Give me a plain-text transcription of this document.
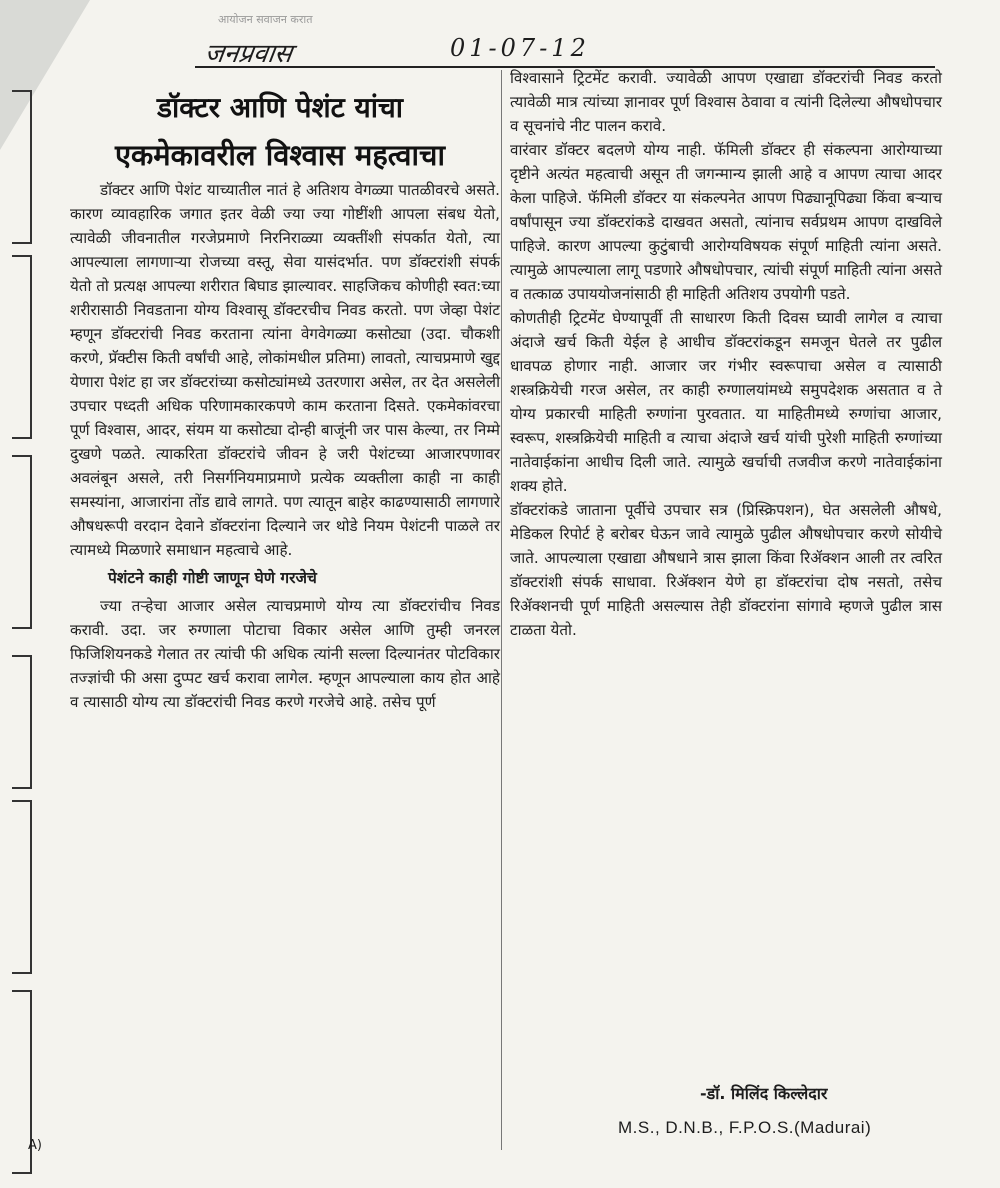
A)
आयोजन सवाजन करात
जनप्रवास	01-07-12
डॉक्टर आणि पेशंट यांचा
एकमेकावरील विश्वास महत्वाचा

डॉक्टर आणि पेशंट याच्यातील नातं हे अतिशय वेगळ्या पातळीवरचे असते. कारण व्यावहारिक जगात इतर वेळी ज्या ज्या गोष्टींशी आपला संबध येतो, त्यावेळी जीवनातील गरजेप्रमाणे निरनिराळ्या व्यक्तींशी संपर्कात येतो, त्या आपल्याला लागणाऱ्या रोजच्या वस्तू, सेवा यासंदर्भात. पण डॉक्टरांशी संपर्क येतो तो प्रत्यक्ष आपल्या शरीरात बिघाड झाल्यावर. साहजिकच कोणीही स्वत:च्या शरीरासाठी निवडताना योग्य विश्वासू डॉक्टरचीच निवड करतो. पण जेव्हा पेशंट म्हणून डॉक्टरांची निवड करताना त्यांना वेगवेगळ्या कसोट्या (उदा. चौकशी करणे, प्रॅक्टीस किती वर्षांची आहे, लोकांमधील प्रतिमा) लावतो, त्याचप्रमाणे खुद्द येणारा पेशंट हा जर डॉक्टरांच्या कसोट्यांमध्ये उतरणारा असेल, तर देत असलेली उपचार पध्दती अधिक परिणामकारकपणे काम करताना दिसते. एकमेकांवरचा पूर्ण विश्वास, आदर, संयम या कसोट्या दोन्ही बाजूंनी जर पास केल्या, तर निम्मे दुखणे पळते. त्याकरिता डॉक्टरांचे जीवन हे जरी पेशंटच्या आजारपणावर अवलंबून असले, तरी निसर्गनियमाप्रमाणे प्रत्येक व्यक्तीला काही ना काही समस्यांना, आजारांना तोंड द्यावे लागते. पण त्यातून बाहेर काढण्यासाठी लागणारे औषधरूपी वरदान देवाने डॉक्टरांना दिल्याने जर थोडे नियम पेशंटनी पाळले तर त्यामध्ये मिळणारे समाधान महत्वाचे आहे.

पेशंटने काही गोष्टी जाणून घेणे गरजेचे

ज्या तऱ्हेचा आजार असेल त्याचप्रमाणे योग्य त्या डॉक्टरांचीच निवड करावी. उदा. जर रुग्णाला पोटाचा विकार असेल आणि तुम्ही जनरल फिजिशियनकडे गेलात तर त्यांची फी अधिक त्यांनी सल्ला दिल्यानंतर पोटविकार तज्ज्ञांची फी असा दुप्पट खर्च करावा लागेल. म्हणून आपल्याला काय होत आहे व त्यासाठी योग्य त्या डॉक्टरांची निवड करणे गरजेचे आहे. तसेच पूर्ण

विश्वासाने ट्रिटमेंट करावी. ज्यावेळी आपण एखाद्या डॉक्टरांची निवड करतो त्यावेळी मात्र त्यांच्या ज्ञानावर पूर्ण विश्वास ठेवावा व त्यांनी दिलेल्या औषधोपचार व सूचनांचे नीट पालन करावे.

वारंवार डॉक्टर बदलणे योग्य नाही. फॅमिली डॉक्टर ही संकल्पना आरोग्याच्या दृष्टीने अत्यंत महत्वाची असून ती जगन्मान्य झाली आहे व आपण त्याचा आदर केला पाहिजे. फॅमिली डॉक्टर या संकल्पनेत आपण पिढ्यानूपिढ्या किंवा बऱ्याच वर्षांपासून ज्या डॉक्टरांकडे दाखवत असतो, त्यांनाच सर्वप्रथम आपण दाखविले पाहिजे. कारण आपल्या कुटुंबाची आरोग्यविषयक संपूर्ण माहिती त्यांना असते. त्यामुळे आपल्याला लागू पडणारे औषधोपचार, त्यांची संपूर्ण माहिती त्यांना असते व तत्काळ उपाययोजनांसाठी ही माहिती अतिशय उपयोगी पडते.

कोणतीही ट्रिटमेंट घेण्यापूर्वी ती साधारण किती दिवस घ्यावी लागेल व त्याचा अंदाजे खर्च किती येईल हे आधीच डॉक्टरांकडून समजून घेतले तर पुढील धावपळ होणार नाही. आजार जर गंभीर स्वरूपाचा असेल व त्यासाठी शस्त्रक्रियेची गरज असेल, तर काही रुग्णालयांमध्ये समुपदेशक असतात व ते योग्य प्रकारची माहिती रुग्णांना पुरवतात. या माहितीमध्ये रुग्णांचा आजार, स्वरूप, शस्त्रक्रियेची माहिती व त्याचा अंदाजे खर्च यांची पुरेशी माहिती रुग्णांच्या नातेवाईकांना आधीच दिली जाते. त्यामुळे खर्चाची तजवीज करणे नातेवाईकांना शक्य होते.

डॉक्टरांकडे जाताना पूर्वीचे उपचार सत्र (प्रिस्क्रिपशन), घेत असलेली औषधे, मेडिकल रिपोर्ट हे बरोबर घेऊन जावे त्यामुळे पुढील औषधोपचार करणे सोयीचे जाते. आपल्याला एखाद्या औषधाने त्रास झाला किंवा रिॲक्शन आली तर त्वरित डॉक्टरांशी संपर्क साधावा. रिॲक्शन येणे हा डॉक्टरांचा दोष नसतो, तसेच रिॲक्शनची पूर्ण माहिती असल्यास तेही डॉक्टरांना सांगावे म्हणजे पुढील त्रास टाळता येतो.

-डॉ. मिलिंद किल्लेदार
M.S., D.N.B., F.P.O.S.(Madurai)
